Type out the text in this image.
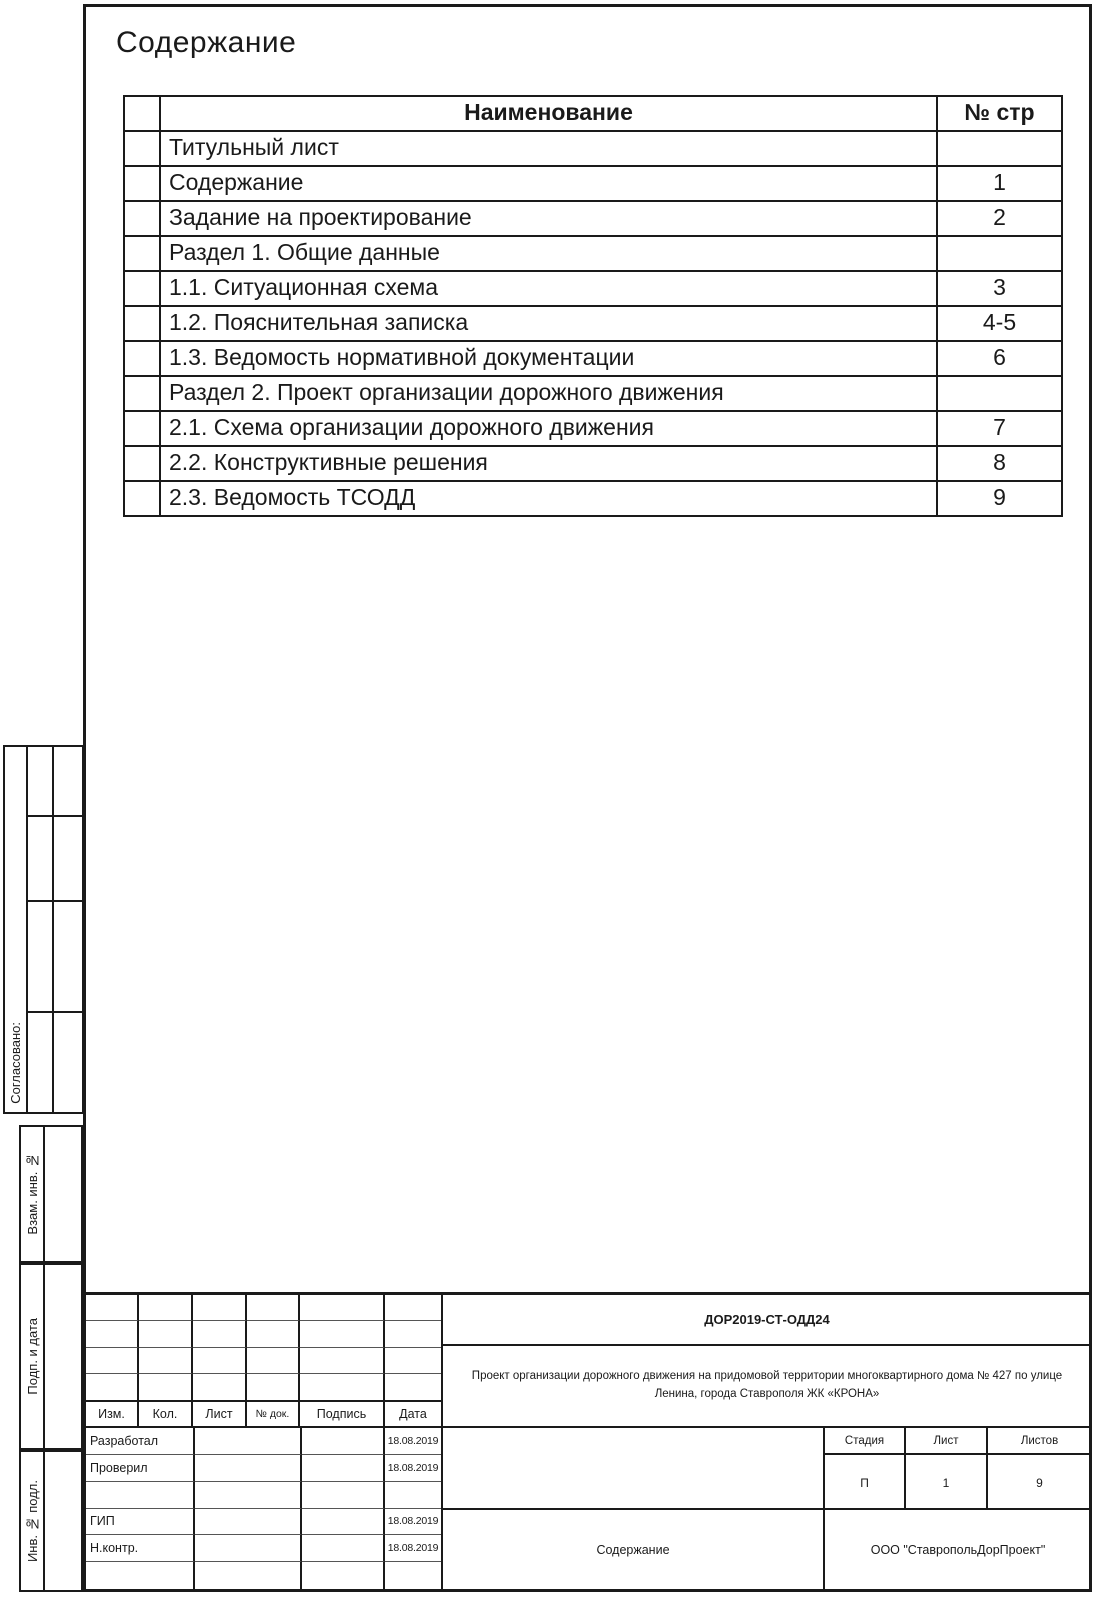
Содержание
Наименование	№ стр
Титульный лист
Содержание	1
Задание на проектирование	2
Раздел 1. Общие данные
1.1. Ситуационная схема	3
1.2. Пояснительная записка	4-5
1.3. Ведомость нормативной документации	6
Раздел 2. Проект организации дорожного движения
2.1. Схема организации дорожного движения	7
2.2. Конструктивные решения	8
2.3. Ведомость ТСОДД	9
Согласовано:
Взам. инв. №
Подп. и дата
Инв. № подл.
Изм.	Кол.	Лист	№ док.	Подпись	Дата
Разработал	18.08.2019
Проверил	18.08.2019
ГИП	18.08.2019
Н.контр.	18.08.2019
ДОР2019-СТ-ОДД24
Проект организации дорожного движения на придомовой территории многоквартирного дома № 427 по улице Ленина, города Ставрополя ЖК «КРОНА»
Стадия	Лист	Листов
П	1	9
Содержание	ООО "СтавропольДорПроект"
